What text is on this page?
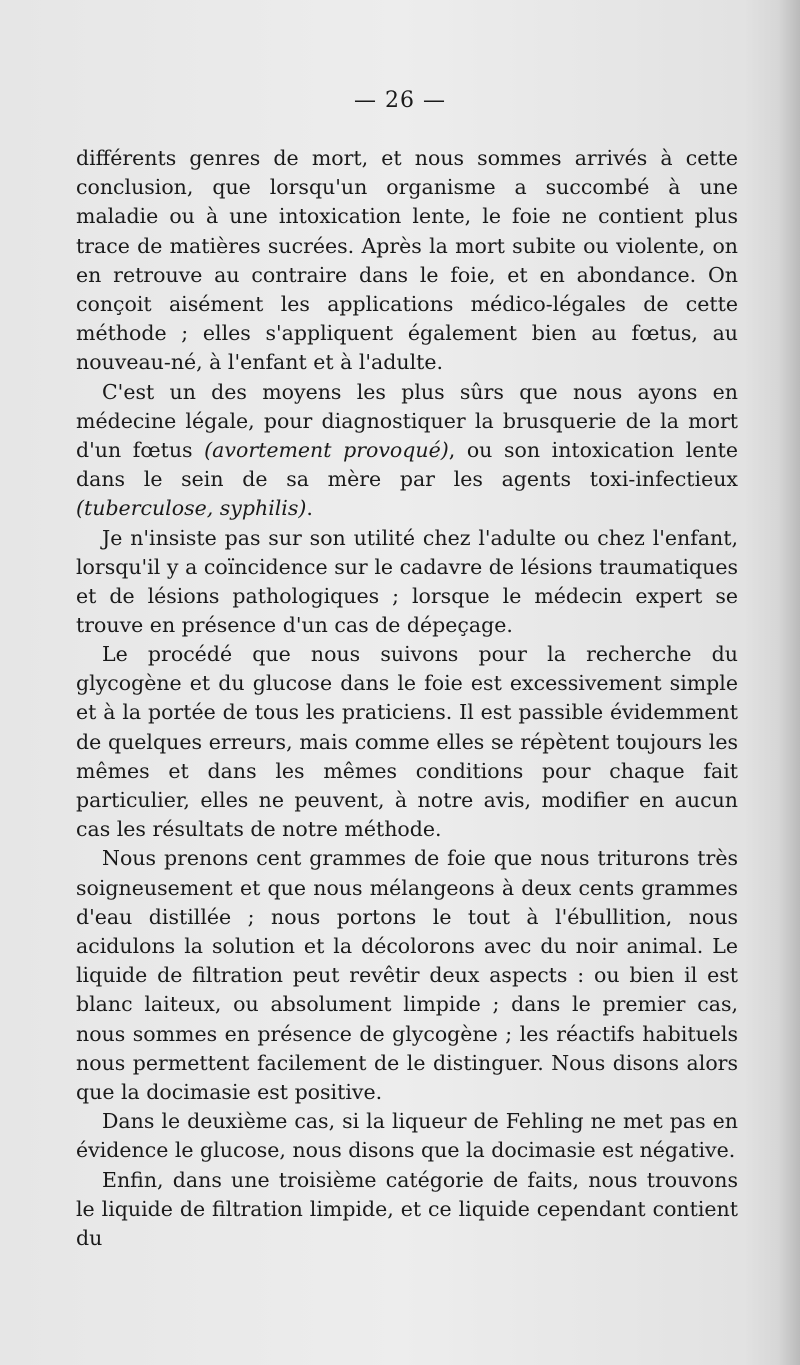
— 26 —

différents genres de mort, et nous sommes arrivés à cette conclusion, que lorsqu'un organisme a succombé à une maladie ou à une intoxication lente, le foie ne contient plus trace de matières sucrées. Après la mort subite ou violente, on en retrouve au contraire dans le foie, et en abondance. On conçoit aisément les applications médico-légales de cette méthode ; elles s'appliquent également bien au fœtus, au nouveau-né, à l'enfant et à l'adulte.

C'est un des moyens les plus sûrs que nous ayons en médecine légale, pour diagnostiquer la brusquerie de la mort d'un fœtus (avortement provoqué), ou son intoxication lente dans le sein de sa mère par les agents toxi-infectieux (tuberculose, syphilis).

Je n'insiste pas sur son utilité chez l'adulte ou chez l'enfant, lorsqu'il y a coïncidence sur le cadavre de lésions traumatiques et de lésions pathologiques ; lorsque le médecin expert se trouve en présence d'un cas de dépeçage.

Le procédé que nous suivons pour la recherche du glycogène et du glucose dans le foie est excessivement simple et à la portée de tous les praticiens. Il est passible évidemment de quelques erreurs, mais comme elles se répètent toujours les mêmes et dans les mêmes conditions pour chaque fait particulier, elles ne peuvent, à notre avis, modifier en aucun cas les résultats de notre méthode.

Nous prenons cent grammes de foie que nous triturons très soigneusement et que nous mélangeons à deux cents grammes d'eau distillée ; nous portons le tout à l'ébullition, nous acidulons la solution et la décolorons avec du noir animal. Le liquide de filtration peut revêtir deux aspects : ou bien il est blanc laiteux, ou absolument limpide ; dans le premier cas, nous sommes en présence de glycogène ; les réactifs habituels nous permettent facilement de le distinguer. Nous disons alors que la docimasie est positive.

Dans le deuxième cas, si la liqueur de Fehling ne met pas en évidence le glucose, nous disons que la docimasie est négative.

Enfin, dans une troisième catégorie de faits, nous trouvons le liquide de filtration limpide, et ce liquide cependant contient du
